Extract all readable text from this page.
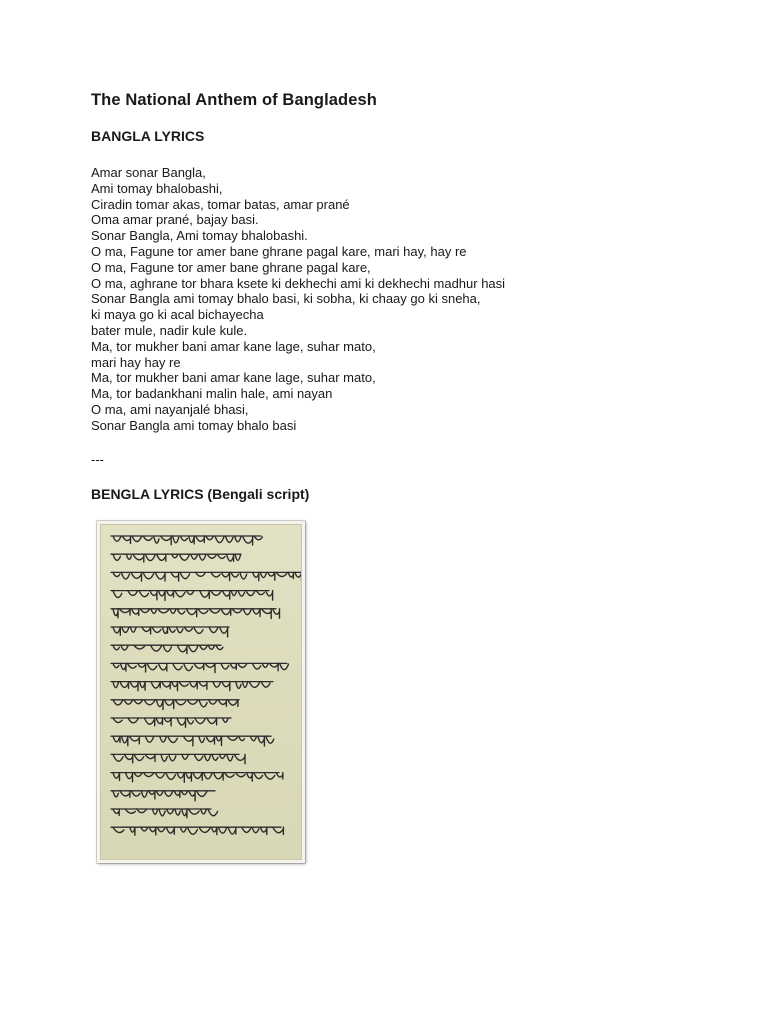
The National Anthem of Bangladesh
BANGLA LYRICS
Amar sonar Bangla,
Ami tomay bhalobashi,
Ciradin tomar akas, tomar batas, amar prané
Oma amar prané, bajay basi.
Sonar Bangla, Ami tomay bhalobashi.
O ma, Fagune tor amer bane ghrane pagal kare, mari hay, hay re
O ma, Fagune tor amer bane ghrane pagal kare,
O ma, aghrane tor bhara ksete ki dekhechi ami ki dekhechi madhur hasi
Sonar Bangla ami tomay bhalo basi, ki sobha, ki chaay go ki sneha,
ki maya go ki acal bichayecha
bater mule, nadir kule kule.
Ma, tor mukher bani amar kane lage, suhar mato,
mari hay hay re
Ma, tor mukher bani amar kane lage, suhar mato,
Ma, tor badankhani malin hale, ami nayan
O ma, ami nayanjalé bhasi,
Sonar Bangla ami tomay bhalo basi
---
BENGLA LYRICS (Bengali script)
